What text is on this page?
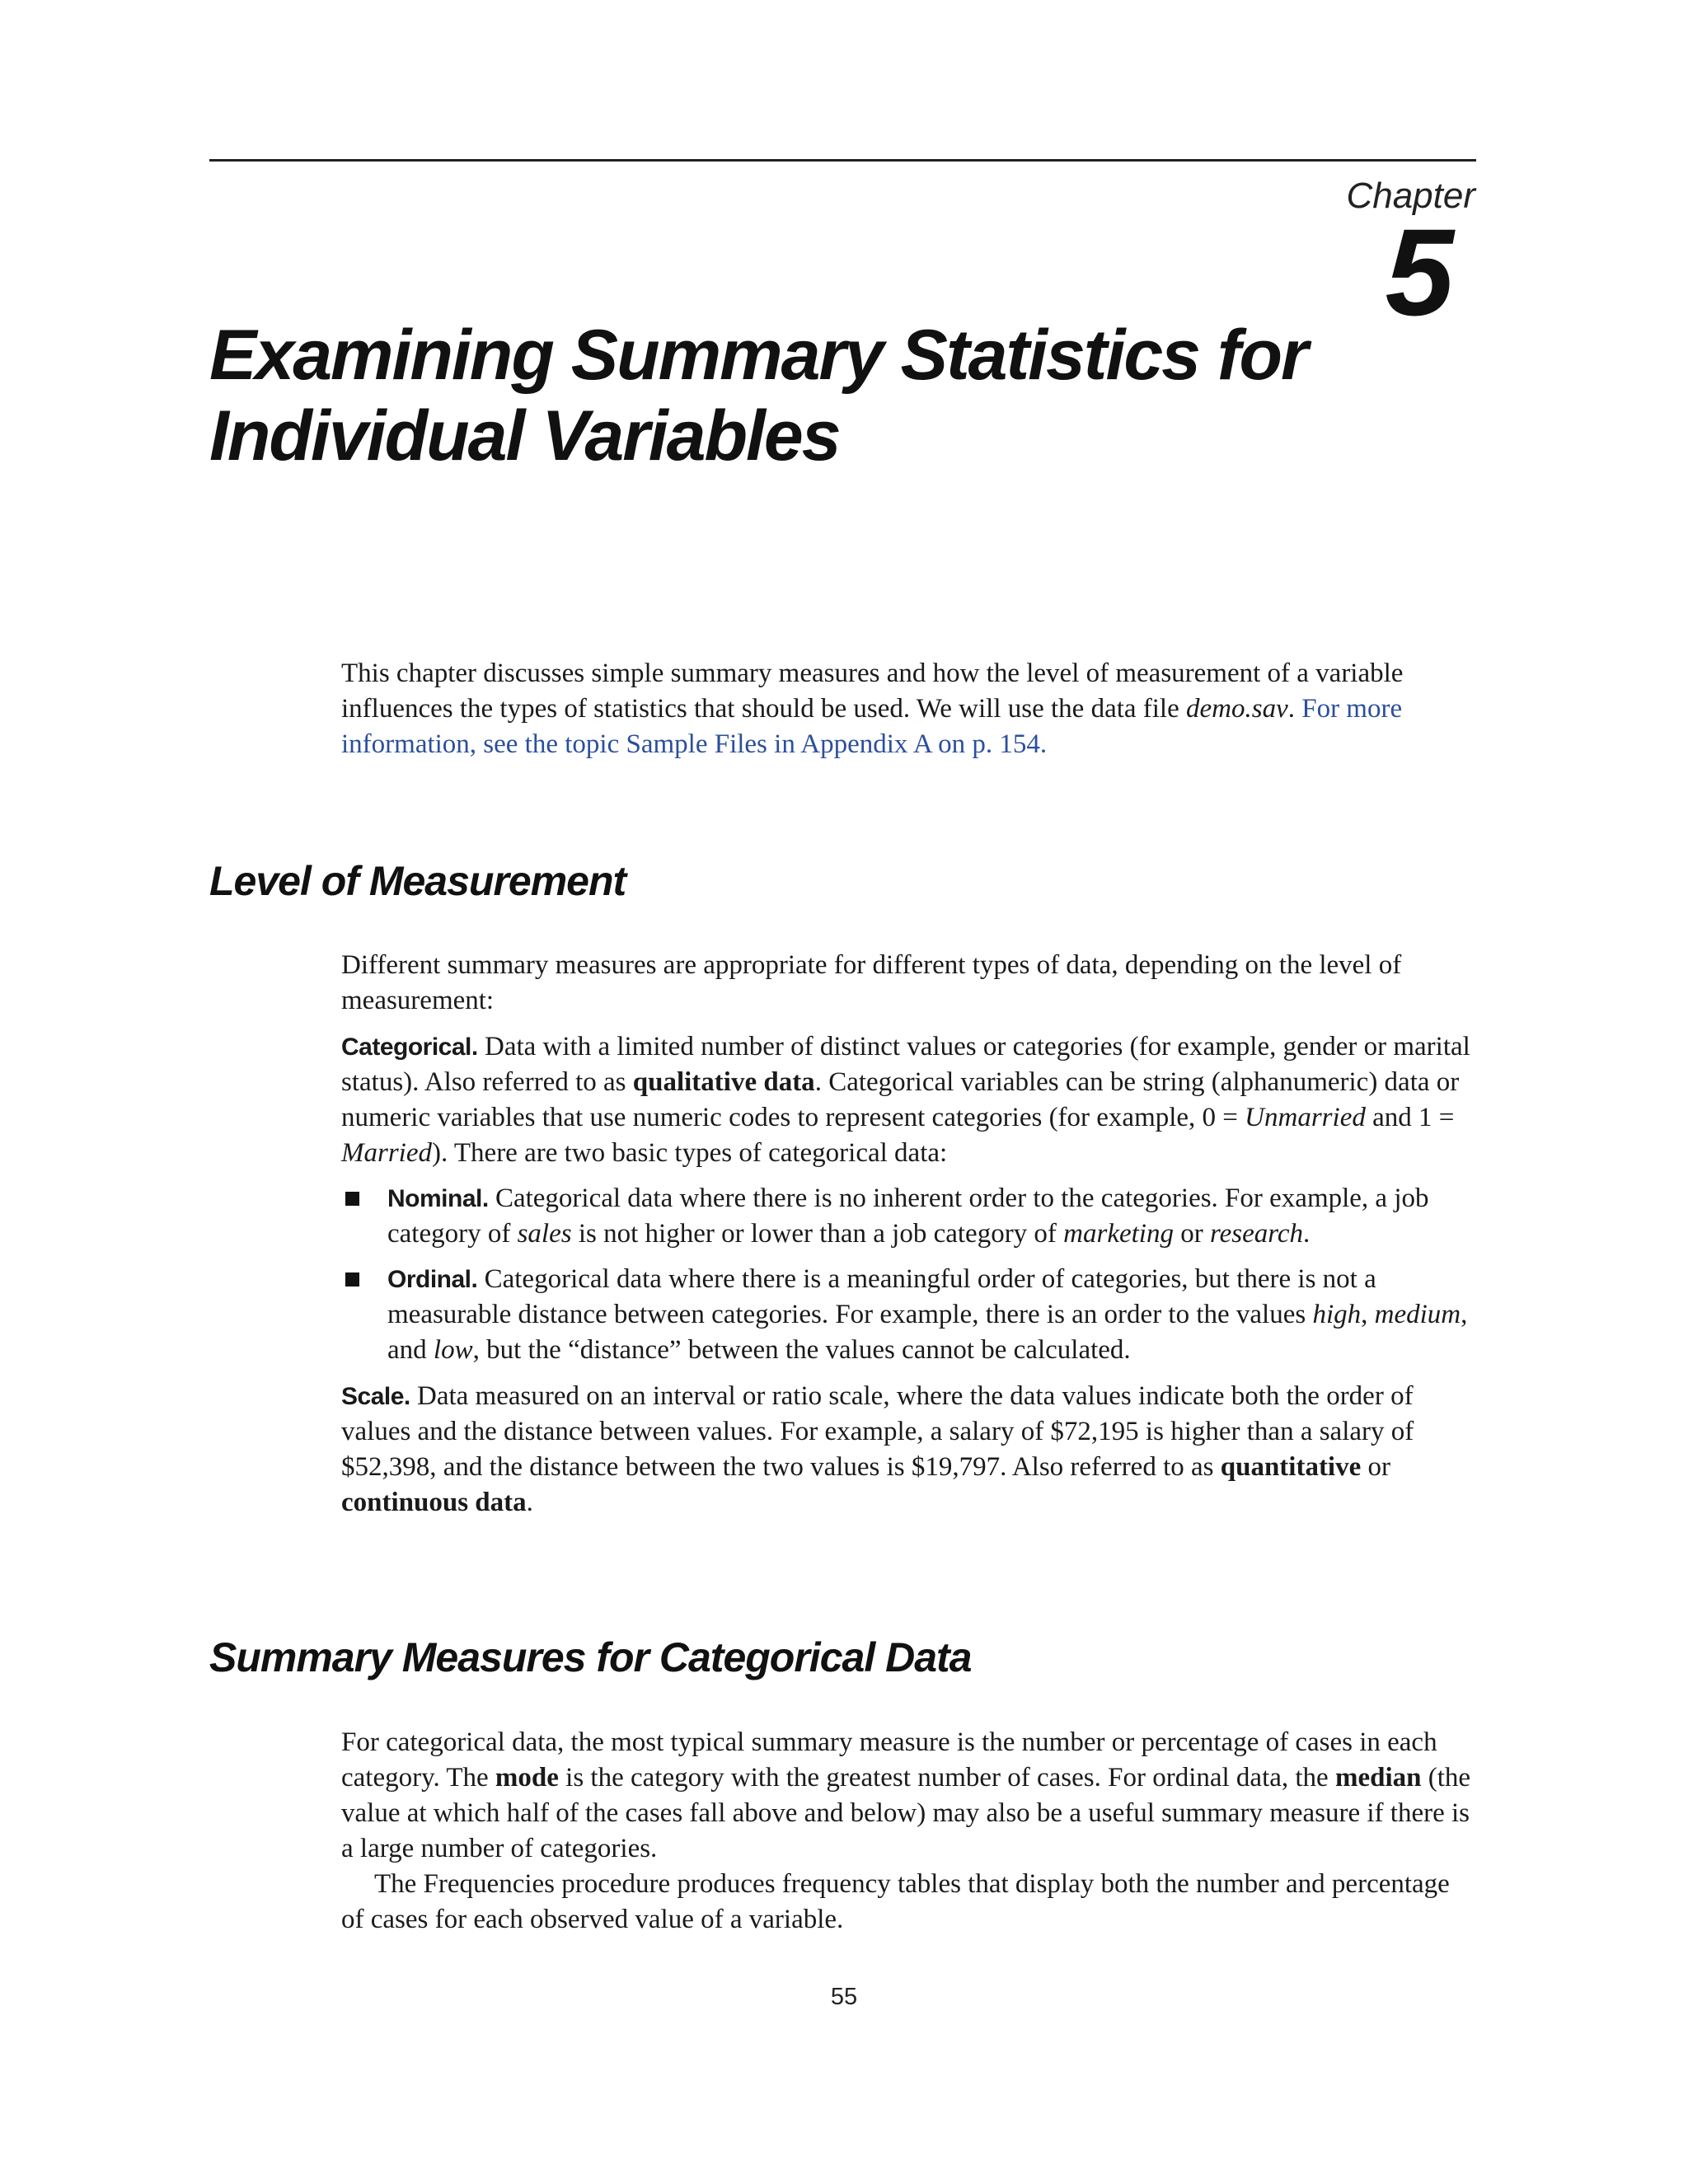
Chapter
5
Examining Summary Statistics for
Individual Variables

This chapter discusses simple summary measures and how the level of measurement of a variable influences the types of statistics that should be used. We will use the data file demo.sav. For more information, see the topic Sample Files in Appendix A on p. 154.

Level of Measurement

Different summary measures are appropriate for different types of data, depending on the level of measurement:

Categorical. Data with a limited number of distinct values or categories (for example, gender or marital status). Also referred to as qualitative data. Categorical variables can be string (alphanumeric) data or numeric variables that use numeric codes to represent categories (for example, 0 = Unmarried and 1 = Married). There are two basic types of categorical data:

Nominal. Categorical data where there is no inherent order to the categories. For example, a job category of sales is not higher or lower than a job category of marketing or research.
Ordinal. Categorical data where there is a meaningful order of categories, but there is not a measurable distance between categories. For example, there is an order to the values high, medium, and low, but the “distance” between the values cannot be calculated.

Scale. Data measured on an interval or ratio scale, where the data values indicate both the order of values and the distance between values. For example, a salary of $72,195 is higher than a salary of $52,398, and the distance between the two values is $19,797. Also referred to as quantitative or continuous data.

Summary Measures for Categorical Data

For categorical data, the most typical summary measure is the number or percentage of cases in each category. The mode is the category with the greatest number of cases. For ordinal data, the median (the value at which half of the cases fall above and below) may also be a useful summary measure if there is a large number of categories.

The Frequencies procedure produces frequency tables that display both the number and percentage of cases for each observed value of a variable.

55
